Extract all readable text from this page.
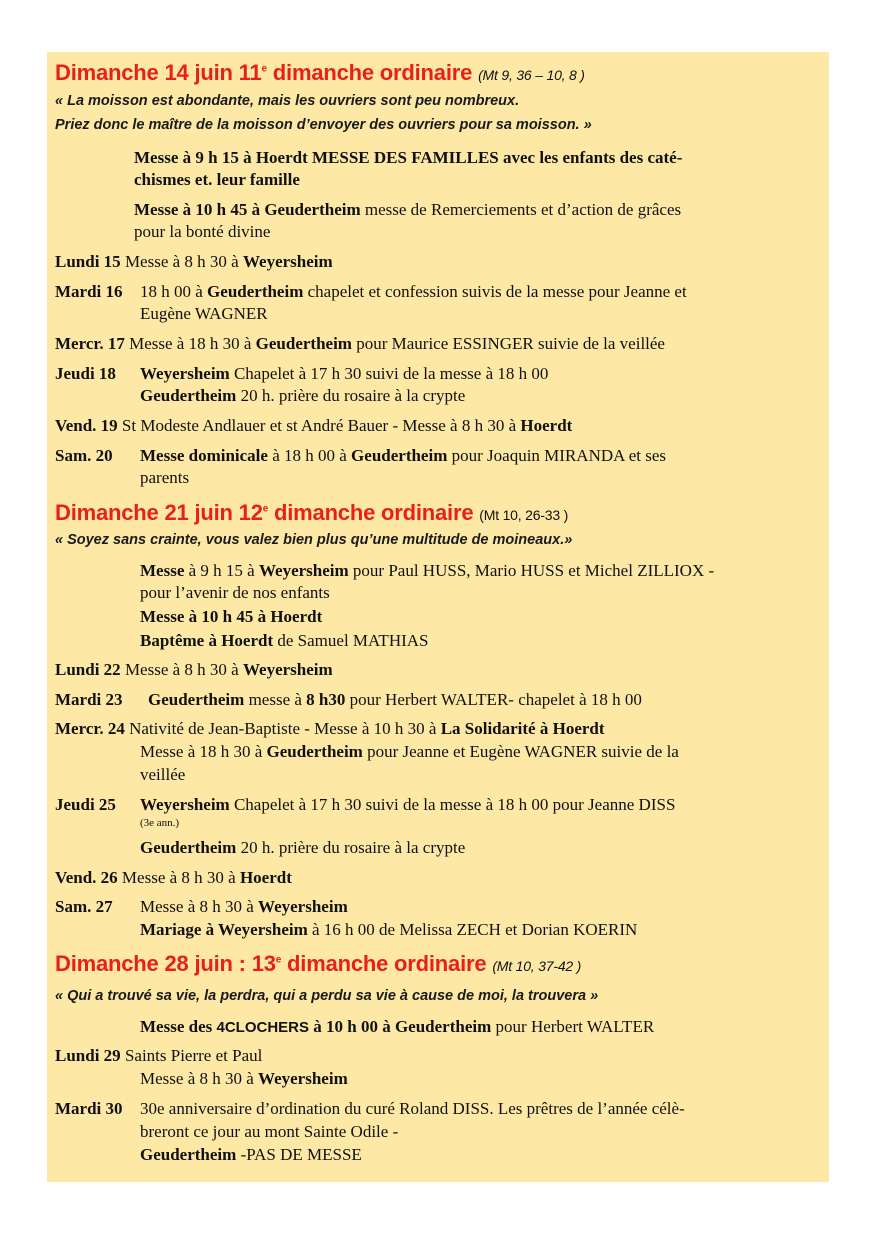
Dimanche 14 juin 11e dimanche ordinaire (Mt 9, 36 – 10, 8 )
« La moisson est abondante, mais les ouvriers sont peu nombreux.
Priez donc le maître de la moisson d’envoyer des ouvriers pour sa moisson. »
Messe à 9 h 15 à Hoerdt MESSE DES FAMILLES avec les enfants des caté-
chismes et. leur famille
Messe à 10 h 45 à Geudertheim messe de Remerciements et d’action de grâces
pour la bonté divine
Lundi 15 Messe à 8 h 30 à Weyersheim
Mardi 16 18 h 00 à Geudertheim chapelet et confession suivis de la messe pour Jeanne et
Eugène WAGNER
Mercr. 17 Messe à 18 h 30 à Geudertheim pour Maurice ESSINGER suivie de la veillée
Jeudi 18 Weyersheim Chapelet à 17 h 30 suivi de la messe à 18 h 00
Geudertheim 20 h. prière du rosaire à la crypte
Vend. 19 St Modeste Andlauer et st André Bauer - Messe à 8 h 30 à Hoerdt
Sam. 20 Messe dominicale à 18 h 00 à Geudertheim pour Joaquin MIRANDA et ses
parents
Dimanche 21 juin 12e dimanche ordinaire (Mt 10, 26-33 )
« Soyez sans crainte, vous valez bien plus qu’une multitude de moineaux.»
Messe à 9 h 15 à Weyersheim pour Paul HUSS, Mario HUSS et Michel ZILLIOX -
pour l’avenir de nos enfants
Messe à 10 h 45 à Hoerdt
Baptême à Hoerdt de Samuel MATHIAS
Lundi 22 Messe à 8 h 30 à Weyersheim
Mardi 23 Geudertheim messe à 8 h30 pour Herbert WALTER- chapelet à 18 h 00
Mercr. 24 Nativité de Jean-Baptiste - Messe à 10 h 30 à La Solidarité à Hoerdt
Messe à 18 h 30 à Geudertheim pour Jeanne et Eugène WAGNER suivie de la
veillée
Jeudi 25 Weyersheim Chapelet à 17 h 30 suivi de la messe à 18 h 00 pour Jeanne DISS
(3e ann.)
Geudertheim 20 h. prière du rosaire à la crypte
Vend. 26 Messe à 8 h 30 à Hoerdt
Sam. 27 Messe à 8 h 30 à Weyersheim
Mariage à Weyersheim à 16 h 00 de Melissa ZECH et Dorian KOERIN
Dimanche 28 juin : 13e dimanche ordinaire (Mt 10, 37-42 )
« Qui a trouvé sa vie, la perdra, qui a perdu sa vie à cause de moi, la trouvera »
Messe des 4CLOCHERS à 10 h 00 à Geudertheim pour Herbert WALTER
Lundi 29 Saints Pierre et Paul
Messe à 8 h 30 à Weyersheim
Mardi 30 30e anniversaire d’ordination du curé Roland DISS. Les prêtres de l’année célè-
breront ce jour au mont Sainte Odile -
Geudertheim -PAS DE MESSE
